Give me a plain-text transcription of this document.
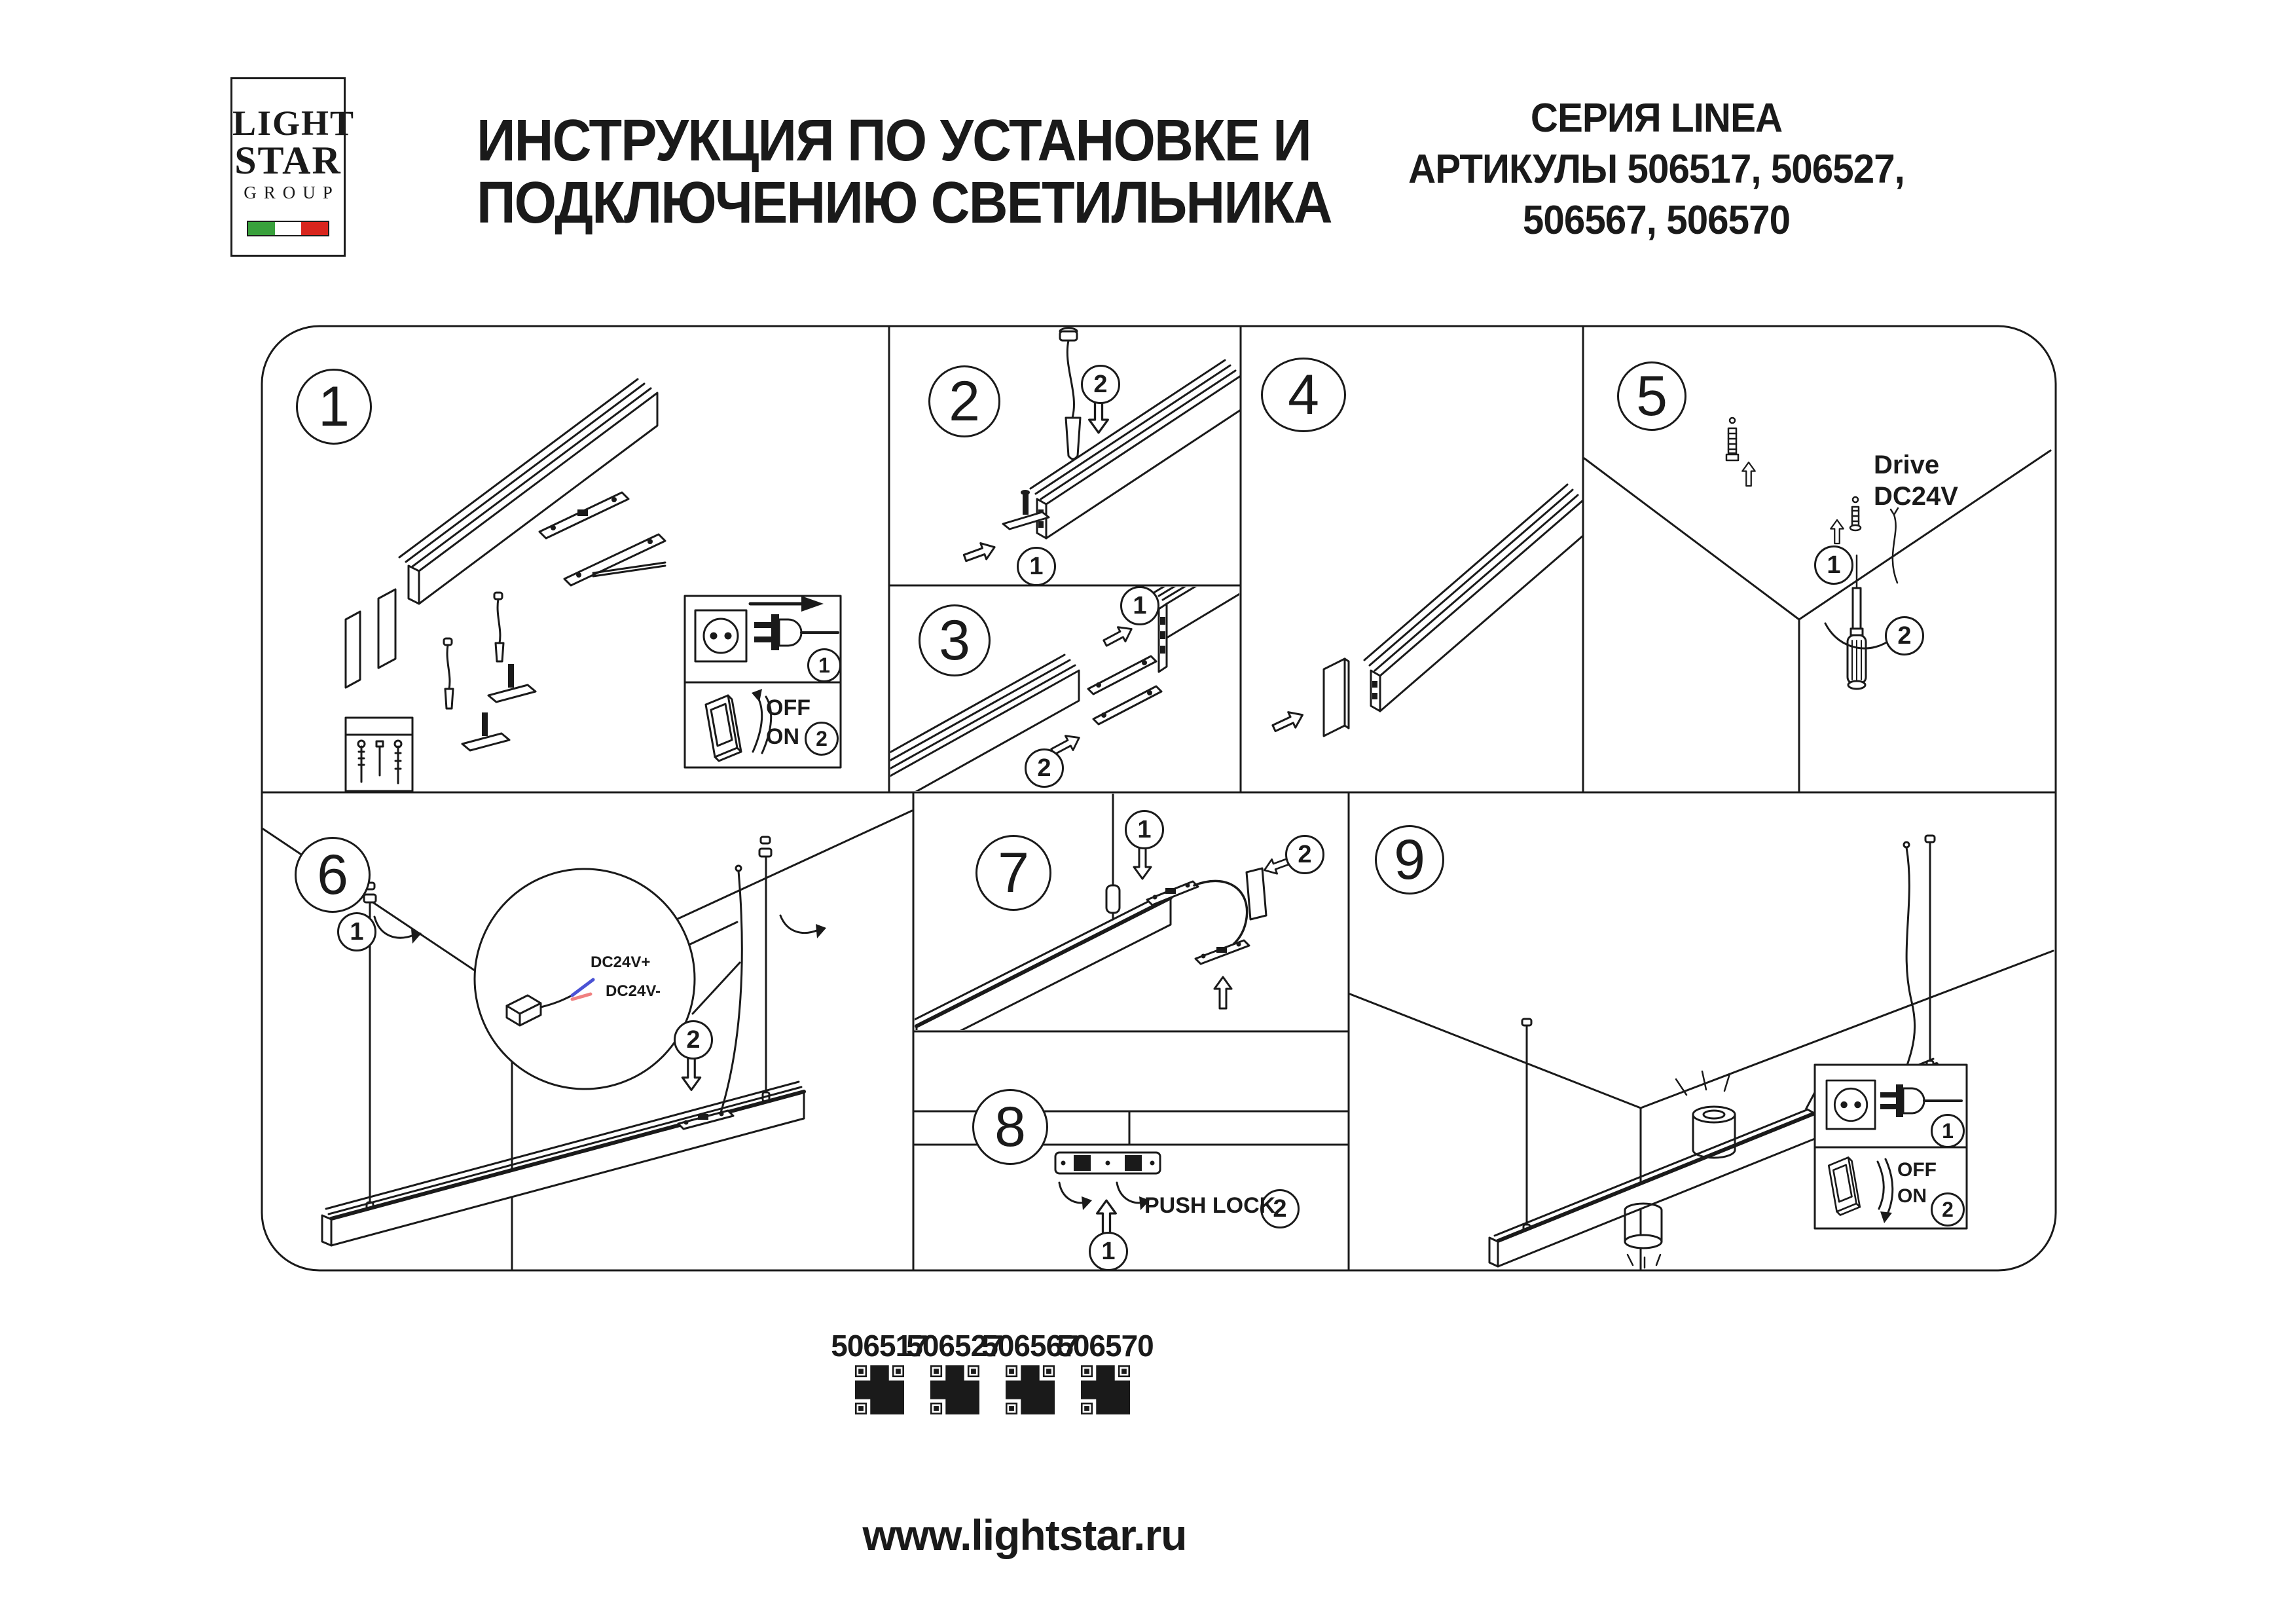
LIGHT
STAR
GROUP
ИНСТРУКЦИЯ ПО УСТАНОВКЕ И
ПОДКЛЮЧЕНИЮ СВЕТИЛЬНИКА
СЕРИЯ LINEA
АРТИКУЛЫ 506517, 506527,
506567, 506570
1	2
3
4	5
6	7
8
9
1
2
2
1
1
2
1
2
1
2
1
2
1
2
1
2
OFF
ON
Drive
DC24V
DC24V+
DC24V-
PUSH LOCK
OFF
ON
506517
506527
506567
506570
www.lightstar.ru
